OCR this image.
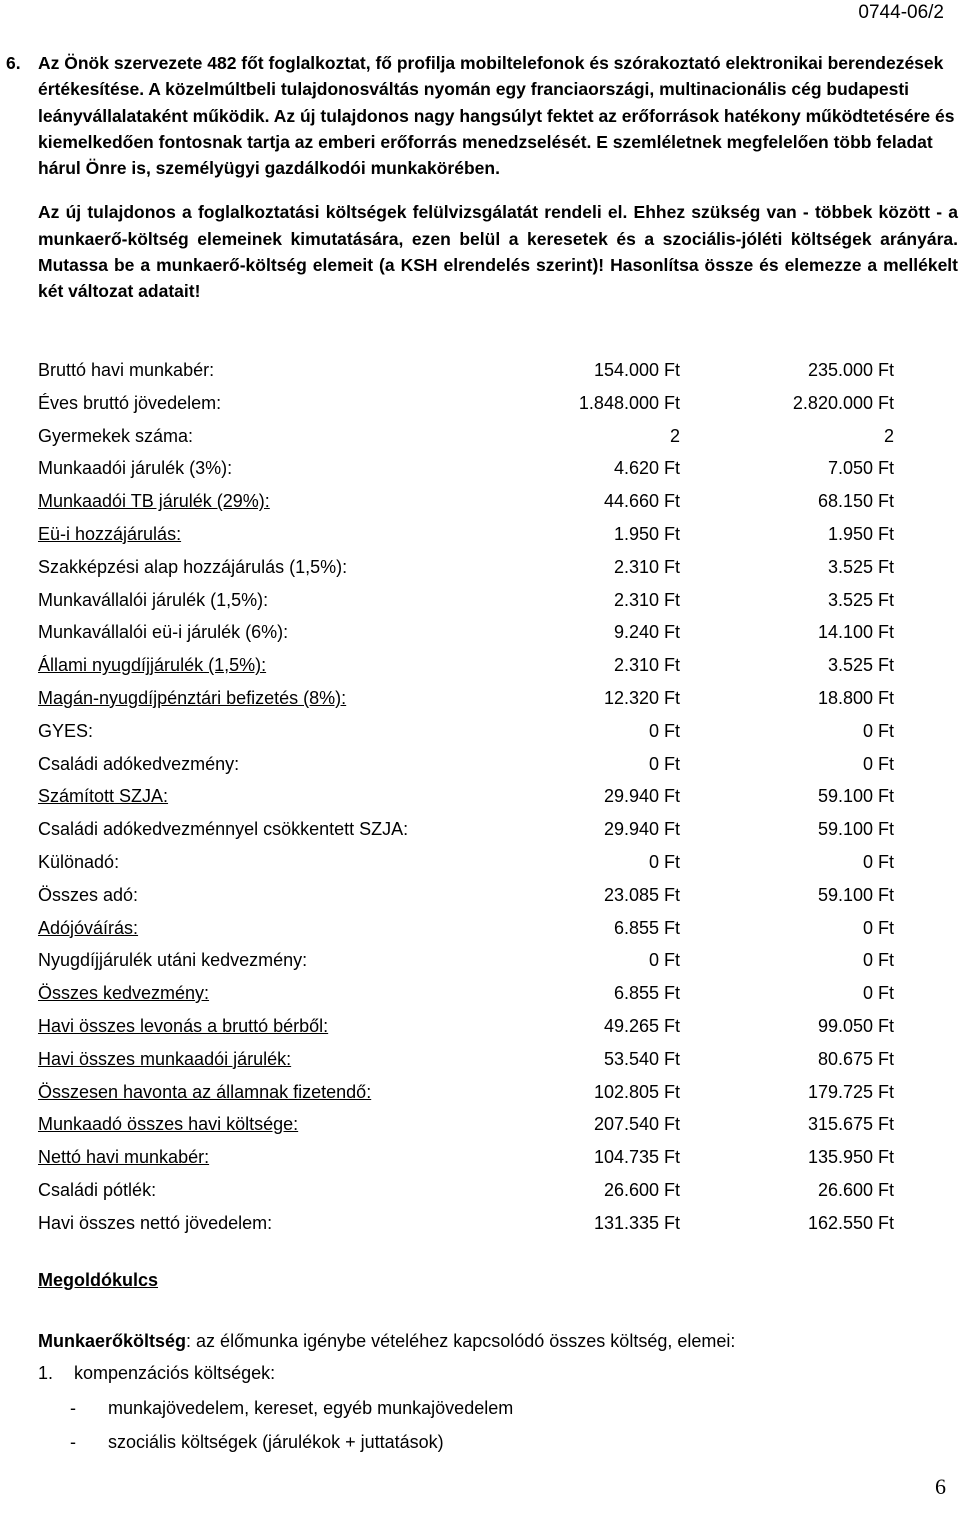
0744-06/2
6. Az Önök szervezete 482 főt foglalkoztat, fő profilja mobiltelefonok és szórakoztató elektronikai berendezések értékesítése. A közelmúltbeli tulajdonosváltás nyomán egy franciaországi, multinacionális cég budapesti leányvállalataként működik. Az új tulajdonos nagy hangsúlyt fektet az erőforrások hatékony működtetésére és kiemelkedően fontosnak tartja az emberi erőforrás menedzselését. E szemléletnek megfelelően több feladat hárul Önre is, személyügyi gazdálkodói munkakörében.

Az új tulajdonos a foglalkoztatási költségek felülvizsgálatát rendeli el. Ehhez szükség van - többek között - a munkaerő-költség elemeinek kimutatására, ezen belül a keresetek és a szociális-jóléti költségek arányára. Mutassa be a munkaerő-költség elemeit (a KSH elrendelés szerint)! Hasonlítsa össze és elemezze a mellékelt két változat adatait!

Bruttó havi munkabér:	154.000 Ft	235.000 Ft
Éves bruttó jövedelem:	1.848.000 Ft	2.820.000 Ft
Gyermekek száma:	2	2
Munkaadói járulék (3%):	4.620 Ft	7.050 Ft
Munkaadói TB járulék (29%):	44.660 Ft	68.150 Ft
Eü-i hozzájárulás:	1.950 Ft	1.950 Ft
Szakképzési alap hozzájárulás (1,5%):	2.310 Ft	3.525 Ft
Munkavállalói járulék (1,5%):	2.310 Ft	3.525 Ft
Munkavállalói eü-i járulék (6%):	9.240 Ft	14.100 Ft
Állami nyugdíjjárulék (1,5%):	2.310 Ft	3.525 Ft
Magán-nyugdíjpénztári befizetés (8%):	12.320 Ft	18.800 Ft
GYES:	0 Ft	0 Ft
Családi adókedvezmény:	0 Ft	0 Ft
Számított SZJA:	29.940 Ft	59.100 Ft
Családi adókedvezménnyel csökkentett SZJA:	29.940 Ft	59.100 Ft
Különadó:	0 Ft	0 Ft
Összes adó:	23.085 Ft	59.100 Ft
Adójóváírás:	6.855 Ft	0 Ft
Nyugdíjjárulék utáni kedvezmény:	0 Ft	0 Ft
Összes kedvezmény:	6.855 Ft	0 Ft
Havi összes levonás a bruttó bérből:	49.265 Ft	99.050 Ft
Havi összes munkaadói járulék:	53.540 Ft	80.675 Ft
Összesen havonta az államnak fizetendő:	102.805 Ft	179.725 Ft
Munkaadó összes havi költsége:	207.540 Ft	315.675 Ft
Nettó havi munkabér:	104.735 Ft	135.950 Ft
Családi pótlék:	26.600 Ft	26.600 Ft
Havi összes nettó jövedelem:	131.335 Ft	162.550 Ft
Megoldókulcs
Munkaerőköltség: az élőmunka igénybe vételéhez kapcsolódó összes költség, elemei:
1. kompenzációs költségek:
- munkajövedelem, kereset, egyéb munkajövedelem
- szociális költségek (járulékok + juttatások)
6
